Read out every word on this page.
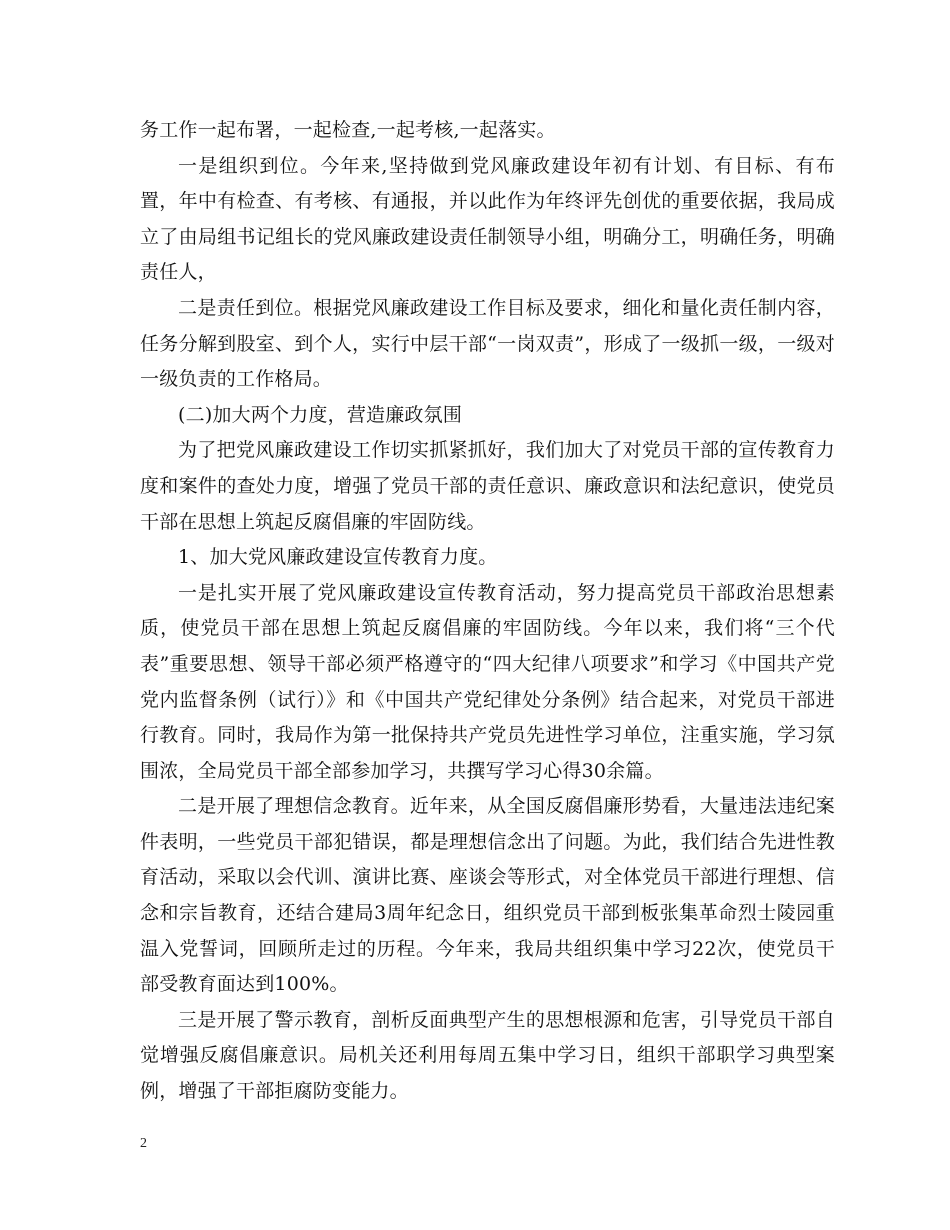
务工作一起布署，一起检查,一起考核,一起落实。

一是组织到位。今年来,坚持做到党风廉政建设年初有计划、有目标、有布置，年中有检查、有考核、有通报，并以此作为年终评先创优的重要依据，我局成立了由局组书记组长的党风廉政建设责任制领导小组，明确分工，明确任务，明确责任人，

二是责任到位。根据党风廉政建设工作目标及要求，细化和量化责任制内容，任务分解到股室、到个人，实行中层干部“一岗双责”，形成了一级抓一级，一级对一级负责的工作格局。

(二)加大两个力度，营造廉政氛围

为了把党风廉政建设工作切实抓紧抓好，我们加大了对党员干部的宣传教育力度和案件的查处力度，增强了党员干部的责任意识、廉政意识和法纪意识，使党员干部在思想上筑起反腐倡廉的牢固防线。

1、加大党风廉政建设宣传教育力度。

一是扎实开展了党风廉政建设宣传教育活动，努力提高党员干部政治思想素质，使党员干部在思想上筑起反腐倡廉的牢固防线。今年以来，我们将“三个代表”重要思想、领导干部必须严格遵守的“四大纪律八项要求”和学习《中国共产党党内监督条例（试行）》和《中国共产党纪律处分条例》结合起来，对党员干部进行教育。同时，我局作为第一批保持共产党员先进性学习单位，注重实施，学习氛围浓，全局党员干部全部参加学习，共撰写学习心得30余篇。

二是开展了理想信念教育。近年来，从全国反腐倡廉形势看，大量违法违纪案件表明，一些党员干部犯错误，都是理想信念出了问题。为此，我们结合先进性教育活动，采取以会代训、演讲比赛、座谈会等形式，对全体党员干部进行理想、信念和宗旨教育，还结合建局3周年纪念日，组织党员干部到板张集革命烈士陵园重温入党誓词，回顾所走过的历程。今年来，我局共组织集中学习22次，使党员干部受教育面达到100%。

三是开展了警示教育，剖析反面典型产生的思想根源和危害，引导党员干部自觉增强反腐倡廉意识。局机关还利用每周五集中学习日，组织干部职学习典型案例，增强了干部拒腐防变能力。

2
